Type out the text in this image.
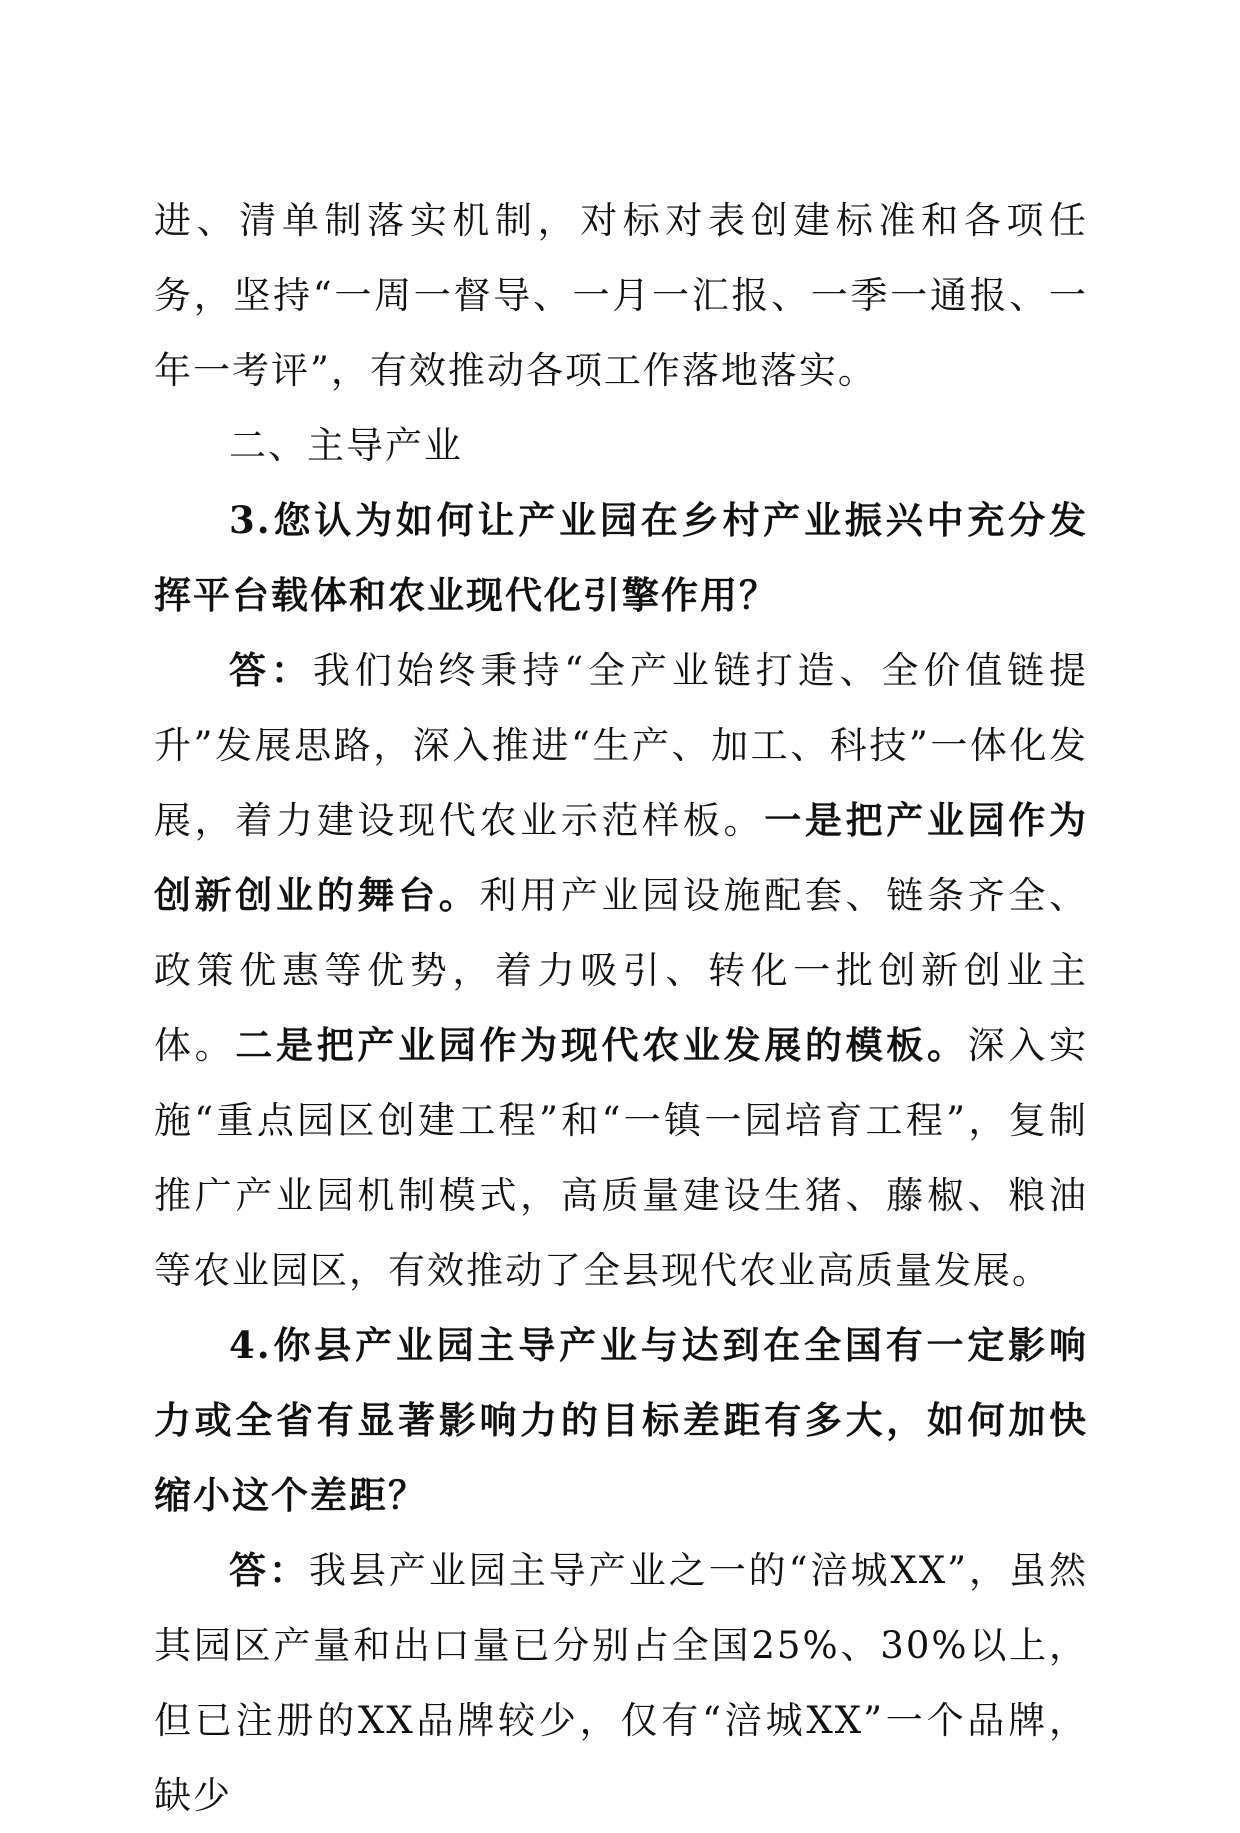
进、清单制落实机制，对标对表创建标准和各项任务，坚持“一周一督导、一月一汇报、一季一通报、一年一考评”，有效推动各项工作落地落实。

二、主导产业

3.您认为如何让产业园在乡村产业振兴中充分发挥平台载体和农业现代化引擎作用？

答：我们始终秉持“全产业链打造、全价值链提升”发展思路，深入推进“生产、加工、科技”一体化发展，着力建设现代农业示范样板。一是把产业园作为创新创业的舞台。利用产业园设施配套、链条齐全、政策优惠等优势，着力吸引、转化一批创新创业主体。二是把产业园作为现代农业发展的模板。深入实施“重点园区创建工程”和“一镇一园培育工程”，复制推广产业园机制模式，高质量建设生猪、藤椒、粮油等农业园区，有效推动了全县现代农业高质量发展。

4.你县产业园主导产业与达到在全国有一定影响力或全省有显著影响力的目标差距有多大，如何加快缩小这个差距？

答：我县产业园主导产业之一的“涪城XX”，虽然其园区产量和出口量已分别占全国25%、30%以上，但已注册的XX品牌较少，仅有“涪城XX”一个品牌，缺少
